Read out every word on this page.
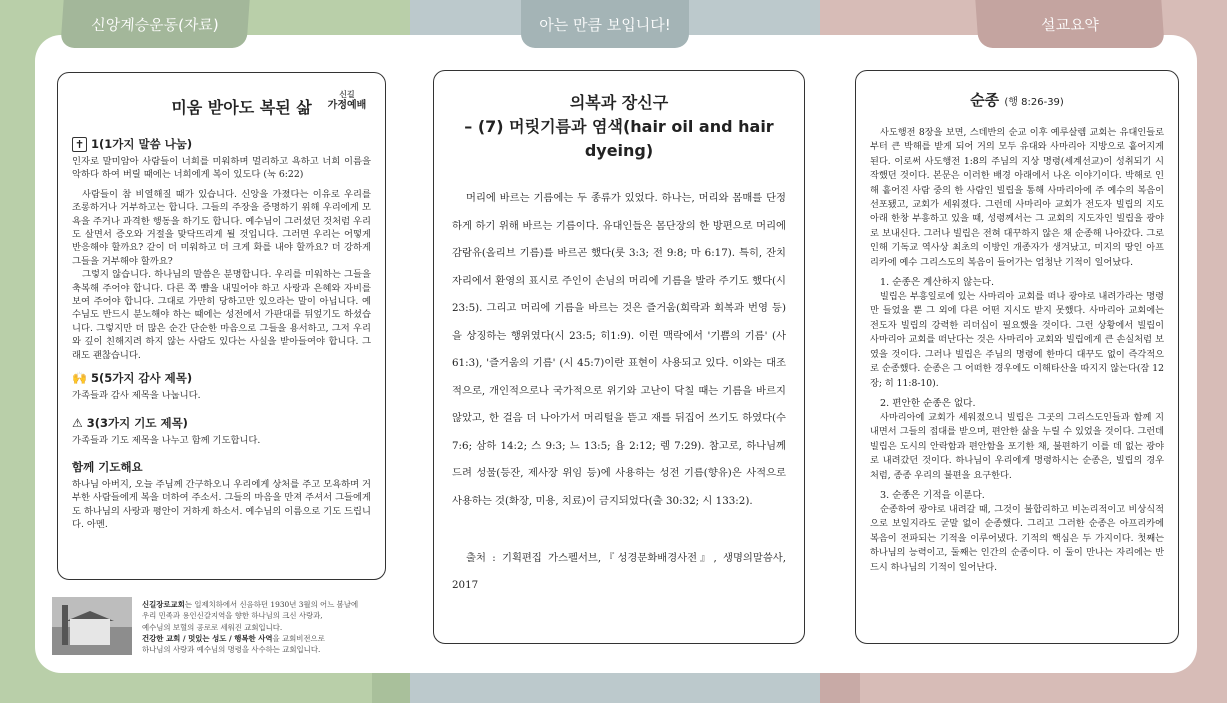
신앙계승운동(자료)	아는 만큼 보입니다!	설교요약
신길
가정예배
미움 받아도 복된 삶
✝ 1(1가지 말씀 나눔)

인자로 말미암아 사람들이 너희를 미워하며 멀리하고 욕하고 너희 이름을 악하다 하여 버릴 때에는 너희에게 복이 있도다 (눅 6:22)

사람들이 참 비열해질 때가 있습니다. 신앙을 가졌다는 이유로 우리를 조롱하거나 거부하고는 합니다. 그들의 주장을 증명하기 위해 우리에게 모욕을 주거나 과격한 행동을 하기도 합니다. 예수님이 그러셨던 것처럼 우리도 살면서 증오와 거절을 맞닥뜨리게 될 것입니다. 그러면 우리는 어떻게 반응해야 할까요? 같이 더 미워하고 더 크게 화를 내야 할까요? 더 강하게 그들을 거부해야 할까요?

그렇지 않습니다. 하나님의 말씀은 분명합니다. 우리를 미워하는 그들을 축복해 주어야 합니다. 다른 쪽 뺨을 내밀어야 하고 사랑과 은혜와 자비를 보여 주어야 합니다. 그대로 가만히 당하고만 있으라는 말이 아닙니다. 예수님도 반드시 분노해야 하는 때에는 성전에서 가판대를 뒤엎기도 하셨습니다. 그렇지만 더 많은 순간 단순한 마음으로 그들을 용서하고, 그저 우리와 깊이 친해지려 하지 않는 사람도 있다는 사실을 받아들여야 합니다. 그래도 괜찮습니다.

🙌 5(5가지 감사 제목)

가족들과 감사 제목을 나눕니다.

⚠ 3(3가지 기도 제목)

가족들과 기도 제목을 나누고 함께 기도합니다.

함께 기도해요

하나님 아버지, 오늘 주님께 간구하오니 우리에게 상처를 주고 모욕하며 거부한 사람들에게 복을 더하여 주소서. 그들의 마음을 만져 주셔서 그들에게도 하나님의 사랑과 평안이 거하게 하소서. 예수님의 이름으로 기도 드립니다. 아멘.

신길장로교회는 일제치하에서 신음하던 1930년 3월의 어느 봄날에
우리 민족과 용인신갈지역을 향한 하나님의 크신 사랑과,
예수님의 보혈의 공로로 세워진 교회입니다.
건강한 교회 / 멋있는 성도 / 행복한 사역을 교회비전으로
하나님의 사랑과 예수님의 명령을 사수하는 교회입니다.
의복과 장신구
– (7) 머릿기름과 염색(hair oil and hair dyeing)

머리에 바르는 기름에는 두 종류가 있었다. 하나는, 머리와 몸매를 단정하게 하기 위해 바르는 기름이다. 유대인들은 몸단장의 한 방편으로 머리에 감람유(올리브 기름)를 바르곤 했다(룻 3:3; 전 9:8; 마 6:17). 특히, 잔치 자리에서 환영의 표시로 주인이 손님의 머리에 기름을 발라 주기도 했다(시 23:5). 그리고 머리에 기름을 바르는 것은 즐거움(희락과 회복과 번영 등)을 상징하는 행위였다(시 23:5; 히1:9). 이런 맥락에서 '기쁨의 기름' (사 61:3), '즐거움의 기름' (시 45:7)이란 표현이 사용되고 있다. 이와는 대조적으로, 개인적으로나 국가적으로 위기와 고난이 닥칠 때는 기름을 바르지 않았고, 한 걸음 더 나아가서 머리털을 뜯고 재를 뒤집어 쓰기도 하였다(수 7:6; 삼하 14:2; 스 9:3; 느 13:5; 욥 2:12; 렘 7:29). 참고로, 하나님께 드려 성물(등잔, 제사장 위임 등)에 사용하는 성전 기름(향유)은 사적으로 사용하는 것(화장, 미용, 치료)이 금지되었다(출 30:32; 시 133:2).

출처 : 기획편집 가스펠서브,『성경문화배경사전』, 생명의말씀사, 2017

순종 (행 8:26-39)

사도행전 8장을 보면, 스데반의 순교 이후 예루살렘 교회는 유대인들로부터 큰 박해를 받게 되어 거의 모두 유대와 사마리아 지방으로 흩어지게 된다. 이로써 사도행전 1:8의 주님의 지상 명령(세계선교)이 성취되기 시작했던 것이다. 본문은 이러한 배경 아래에서 나온 이야기이다. 박해로 인해 흩어진 사람 중의 한 사람인 빌립을 통해 사마리아에 주 예수의 복음이 선포됐고, 교회가 세워졌다. 그런데 사마리아 교회가 전도자 빌립의 지도 아래 한창 부흥하고 있을 때, 성령께서는 그 교회의 지도자인 빌립을 광야로 보내신다. 그러나 빌립은 전혀 대꾸하지 않은 채 순종해 나아갔다. 그로인해 기독교 역사상 최초의 이방인 개종자가 생겨났고, 미지의 땅인 아프리카에 예수 그리스도의 복음이 들어가는 엄청난 기적이 일어났다.

1. 순종은 계산하지 않는다.

빌립은 부흥일로에 있는 사마리아 교회를 떠나 광야로 내려가라는 명령만 들었을 뿐 그 외에 다른 어떤 지시도 받지 못했다. 사마리아 교회에는 전도자 빌립의 강력한 리더십이 필요했을 것이다. 그런 상황에서 빌립이 사마리아 교회를 떠난다는 것은 사마리아 교회와 빌립에게 큰 손실처럼 보였을 것이다. 그러나 빌립은 주님의 명령에 한마디 대꾸도 없이 즉각적으로 순종했다. 순종은 그 어떠한 경우에도 이해타산을 따지지 않는다(잠 12장; 히 11:8-10).

2. 편안한 순종은 없다.

사마리아에 교회가 세워졌으니 빌립은 그곳의 그리스도인들과 함께 지내면서 그들의 접대를 받으며, 편안한 삶을 누릴 수 있었을 것이다. 그런데 빌립은 도시의 안락함과 편안함을 포기한 채, 불편하기 이를 데 없는 광야로 내려갔던 것이다. 하나님이 우리에게 명령하시는 순종은, 빌립의 경우처럼, 종종 우리의 불편을 요구한다.

3. 순종은 기적을 이룬다.

순종하여 광야로 내려갈 때, 그것이 불합리하고 비논리적이고 비상식적으로 보일지라도 굳말 없이 순종했다. 그리고 그러한 순종은 아프리카에 복음이 전파되는 기적을 이루어냈다. 기적의 핵심은 두 가지이다. 첫째는 하나님의 능력이고, 둘째는 인간의 순종이다. 이 둘이 만나는 자리에는 반드시 하나님의 기적이 일어난다.
